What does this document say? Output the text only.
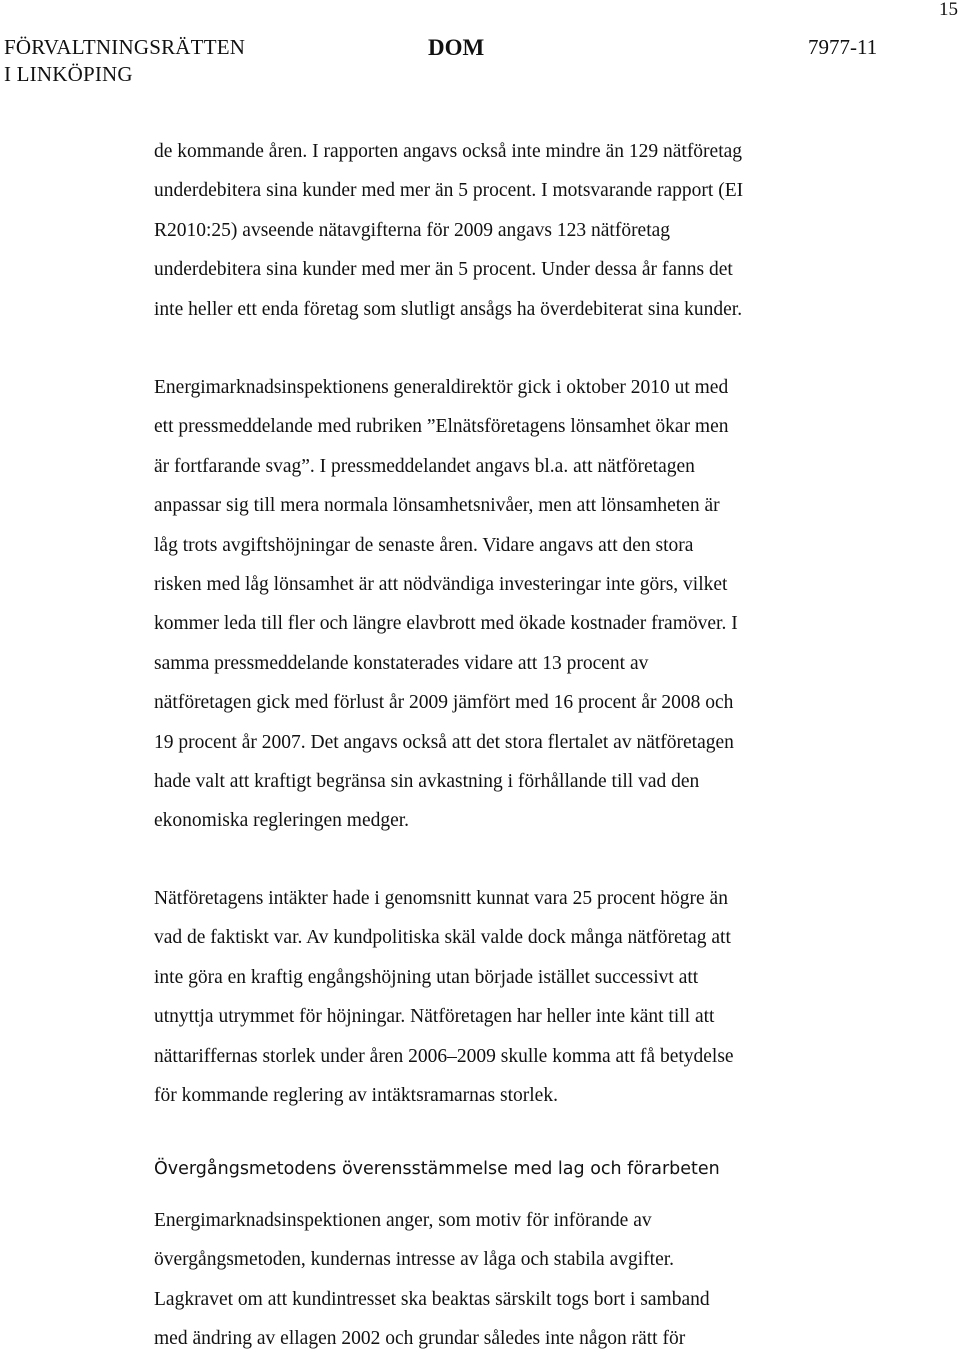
15
FÖRVALTNINGSRÄTTEN
I LINKÖPING
DOM	7977-11

de kommande åren. I rapporten angavs också inte mindre än 129 nätföretag
underdebitera sina kunder med mer än 5 procent. I motsvarande rapport (EI
R2010:25) avseende nätavgifterna för 2009 angavs 123 nätföretag
underdebitera sina kunder med mer än 5 procent. Under dessa år fanns det
inte heller ett enda företag som slutligt ansågs ha överdebiterat sina kunder.

Energimarknadsinspektionens generaldirektör gick i oktober 2010 ut med
ett pressmeddelande med rubriken ”Elnätsföretagens lönsamhet ökar men
är fortfarande svag”. I pressmeddelandet angavs bl.a. att nätföretagen
anpassar sig till mera normala lönsamhetsnivåer, men att lönsamheten är
låg trots avgiftshöjningar de senaste åren. Vidare angavs att den stora
risken med låg lönsamhet är att nödvändiga investeringar inte görs, vilket
kommer leda till fler och längre elavbrott med ökade kostnader framöver. I
samma pressmeddelande konstaterades vidare att 13 procent av
nätföretagen gick med förlust år 2009 jämfört med 16 procent år 2008 och
19 procent år 2007. Det angavs också att det stora flertalet av nätföretagen
hade valt att kraftigt begränsa sin avkastning i förhållande till vad den
ekonomiska regleringen medger.

Nätföretagens intäkter hade i genomsnitt kunnat vara 25 procent högre än
vad de faktiskt var. Av kundpolitiska skäl valde dock många nätföretag att
inte göra en kraftig engångshöjning utan började istället successivt att
utnyttja utrymmet för höjningar. Nätföretagen har heller inte känt till att
nättariffernas storlek under åren 2006–2009 skulle komma att få betydelse
för kommande reglering av intäktsramarnas storlek.

Övergångsmetodens överensstämmelse med lag och förarbeten

Energimarknadsinspektionen anger, som motiv för införande av
övergångsmetoden, kundernas intresse av låga och stabila avgifter.
Lagkravet om att kundintresset ska beaktas särskilt togs bort i samband
med ändring av ellagen 2002 och grundar således inte någon rätt för
